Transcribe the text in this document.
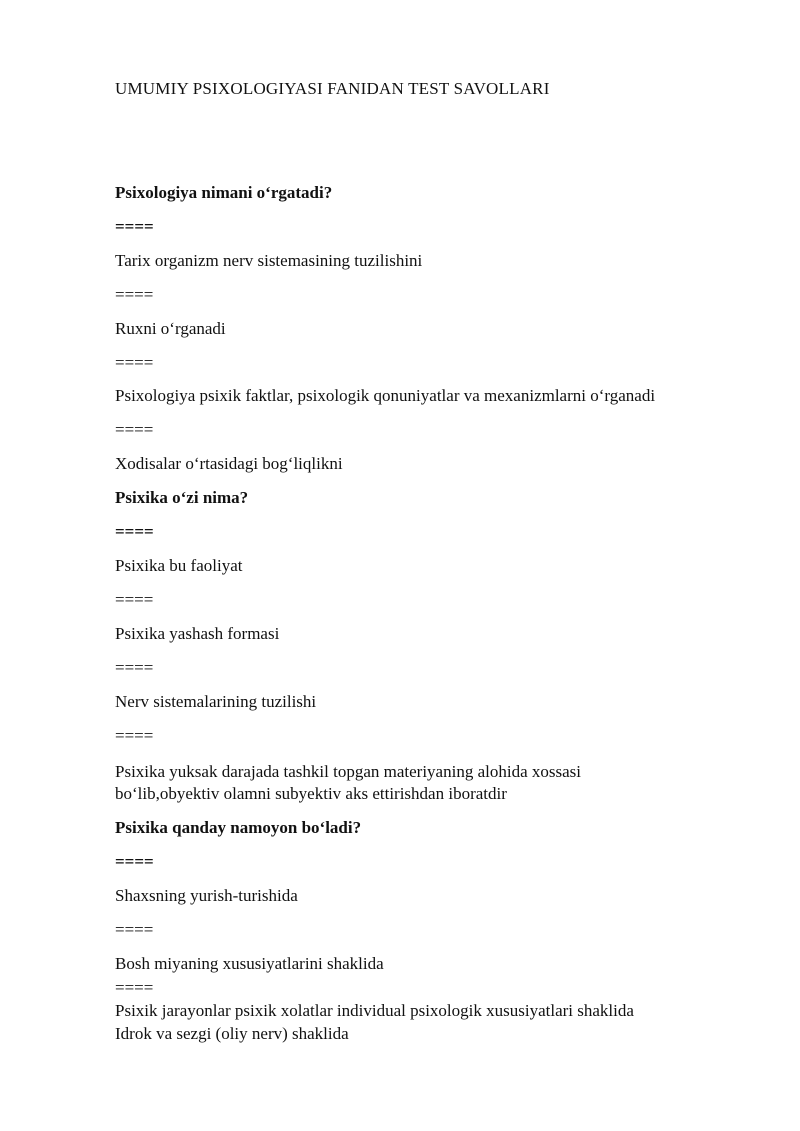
UMUMIY PSIXOLOGIYASI FANIDAN TEST SAVOLLARI

Psixologiya nimani o‘rgatadi?

====

Tarix organizm nerv sistemasining tuzilishini

====

Ruxni o‘rganadi

====

Psixologiya psixik faktlar, psixologik qonuniyatlar va mexanizmlarni o‘rganadi

====

Xodisalar o‘rtasidagi bog‘liqlikni

Psixika o‘zi nima?

====

Psixika bu faoliyat

====

Psixika yashash formasi

====

Nerv sistemalarining tuzilishi

====

Psixika yuksak darajada tashkil topgan materiyaning alohida xossasi

bo‘lib,obyektiv olamni subyektiv aks ettirishdan iboratdir

Psixika qanday namoyon bo‘ladi?

====

Shaxsning yurish-turishida

====

Bosh miyaning xususiyatlarini shaklida

====

Psixik jarayonlar psixik xolatlar individual psixologik xususiyatlari shaklida

Idrok va sezgi (oliy nerv) shaklida
